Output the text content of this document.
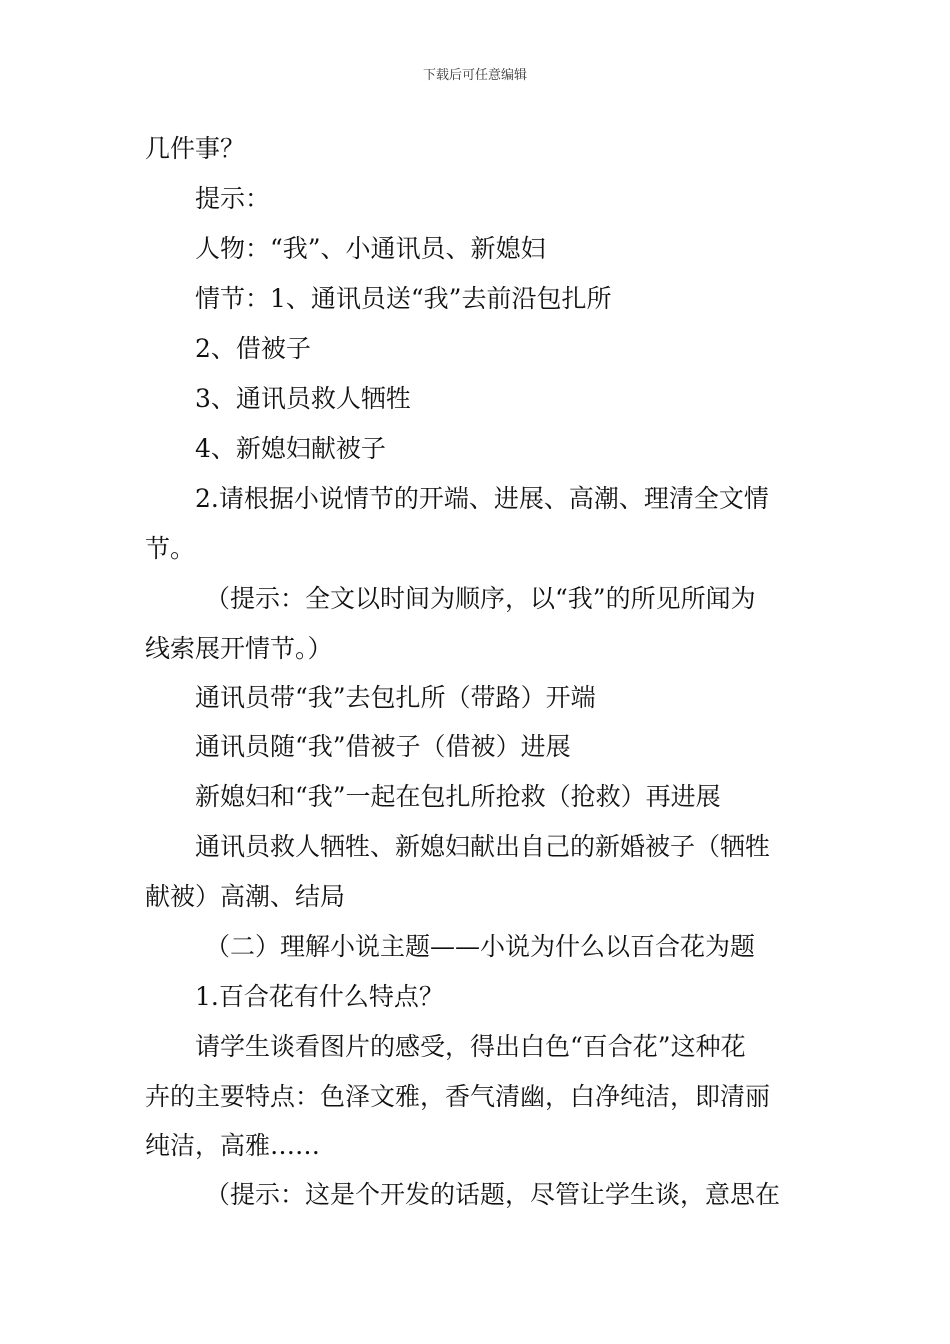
下载后可任意编辑
几件事？
提示：
人物：“我”、小通讯员、新媳妇
情节：1、通讯员送“我”去前沿包扎所
2、借被子
3、通讯员救人牺牲
4、新媳妇献被子
2.请根据小说情节的开端、进展、高潮、理清全文情
节。
（提示：全文以时间为顺序，以“我”的所见所闻为
线索展开情节。）
通讯员带“我”去包扎所（带路）开端
通讯员随“我”借被子（借被）进展
新媳妇和“我”一起在包扎所抢救（抢救）再进展
通讯员救人牺牲、新媳妇献出自己的新婚被子（牺牲
献被）高潮、结局
（二）理解小说主题——小说为什么以百合花为题
1.百合花有什么特点？
请学生谈看图片的感受，得出白色“百合花”这种花
卉的主要特点：色泽文雅，香气清幽，白净纯洁，即清丽
纯洁，高雅……
（提示：这是个开发的话题，尽管让学生谈，意思在
